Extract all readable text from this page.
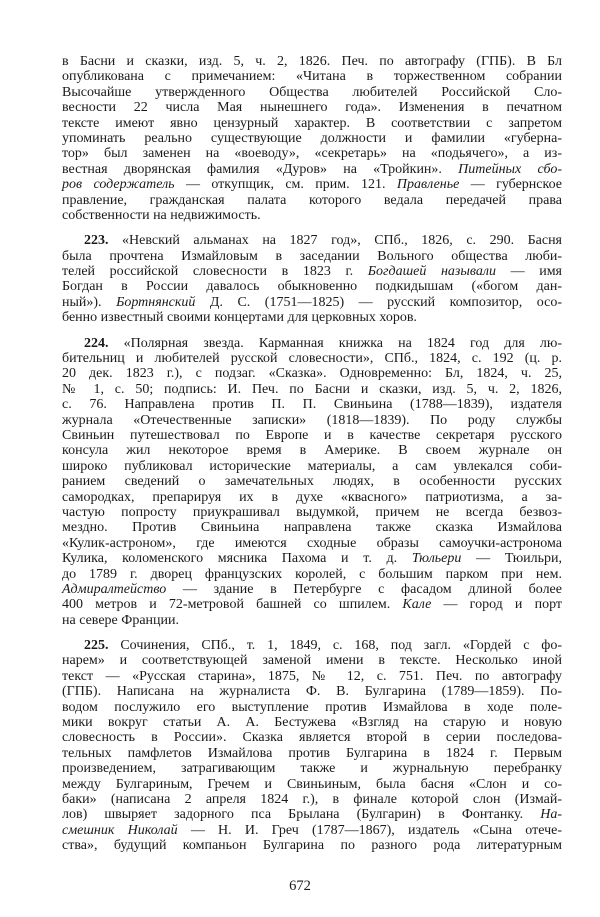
в Басни и сказки, изд. 5, ч. 2, 1826. Печ. по автографу (ГПБ). В Бл
опубликована с примечанием: «Читана в торжественном собрании
Высочайше утвержденного Общества любителей Российской Сло-
весности 22 числа Мая нынешнего года». Изменения в печатном
тексте имеют явно цензурный характер. В соответствии с запретом
упоминать реально существующие должности и фамилии «губерна-
тор» был заменен на «воеводу», «секретарь» на «подьячего», а из-
вестная дворянская фамилия «Дуров» на «Тройкин». Питейных сбо-
ров содержатель — откупщик, см. прим. 121. Правленье — губернское
правление, гражданская палата которого ведала передачей права
собственности на недвижимость.
223. «Невский альманах на 1827 год», СПб., 1826, с. 290. Басня
была прочтена Измайловым в заседании Вольного общества люби-
телей российской словесности в 1823 г. Богдашей называли — имя
Богдан в России давалось обыкновенно подкидышам («богом дан-
ный»). Бортнянский Д. С. (1751—1825) — русский композитор, осо-
бенно известный своими концертами для церковных хоров.
224. «Полярная звезда. Карманная книжка на 1824 год для лю-
бительниц и любителей русской словесности», СПб., 1824, с. 192 (ц. р.
20 дек. 1823 г.), с подзаг. «Сказка». Одновременно: Бл, 1824, ч. 25,
№ 1, с. 50; подпись: И. Печ. по Басни и сказки, изд. 5, ч. 2, 1826,
с. 76. Направлена против П. П. Свиньина (1788—1839), издателя
журнала «Отечественные записки» (1818—1839). По роду службы
Свиньин путешествовал по Европе и в качестве секретаря русского
консула жил некоторое время в Америке. В своем журнале он
широко публиковал исторические материалы, а сам увлекался соби-
ранием сведений о замечательных людях, в особенности русских
самородках, препарируя их в духе «квасного» патриотизма, а за-
частую попросту приукрашивал выдумкой, причем не всегда безвоз-
мездно. Против Свиньина направлена также сказка Измайлова
«Кулик-астроном», где имеются сходные образы самоучки-астронома
Кулика, коломенского мясника Пахома и т. д. Тюльери — Тюильри,
до 1789 г. дворец французских королей, с большим парком при нем.
Адмиралтейство — здание в Петербурге с фасадом длиной более
400 метров и 72-метровой башней со шпилем. Кале — город и порт
на севере Франции.
225. Сочинения, СПб., т. 1, 1849, с. 168, под загл. «Гордей с фо-
нарем» и соответствующей заменой имени в тексте. Несколько иной
текст — «Русская старина», 1875, № 12, с. 751. Печ. по автографу
(ГПБ). Написана на журналиста Ф. В. Булгарина (1789—1859). По-
водом послужило его выступление против Измайлова в ходе поле-
мики вокруг статьи А. А. Бестужева «Взгляд на старую и новую
словесность в России». Сказка является второй в серии последова-
тельных памфлетов Измайлова против Булгарина в 1824 г. Первым
произведением, затрагивающим также и журнальную перебранку
между Булгариным, Гречем и Свиньиным, была басня «Слон и со-
баки» (написана 2 апреля 1824 г.), в финале которой слон (Измай-
лов) швыряет задорного пса Брылана (Булгарин) в Фонтанку. На-
смешник Николай — Н. И. Греч (1787—1867), издатель «Сына отече-
ства», будущий компаньон Булгарина по разного рода литературным
672
